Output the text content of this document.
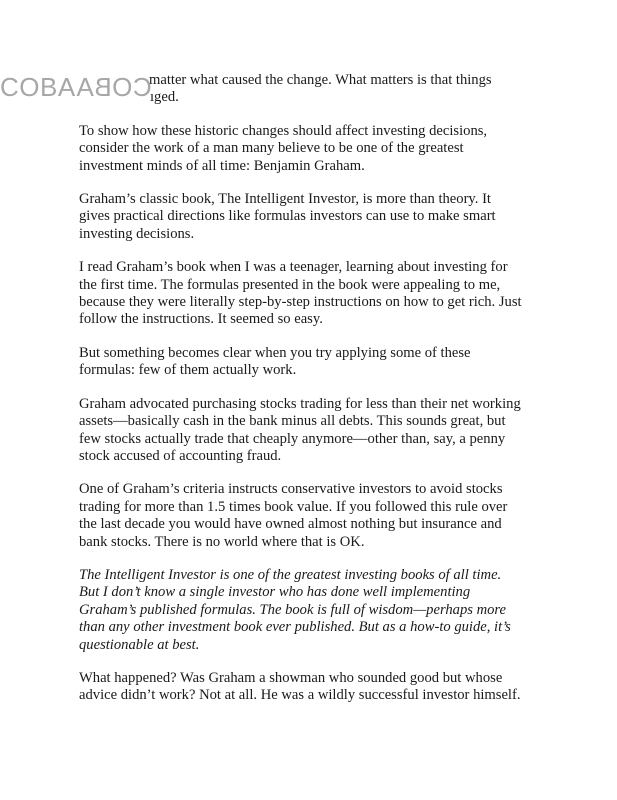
COBACOBA

matter what caused the change. What matters is that things
ıged.

To show how these historic changes should affect investing decisions,
consider the work of a man many believe to be one of the greatest
investment minds of all time: Benjamin Graham.

Graham’s classic book, The Intelligent Investor, is more than theory. It
gives practical directions like formulas investors can use to make smart
investing decisions.

I read Graham’s book when I was a teenager, learning about investing for
the first time. The formulas presented in the book were appealing to me,
because they were literally step-by-step instructions on how to get rich. Just
follow the instructions. It seemed so easy.

But something becomes clear when you try applying some of these
formulas: few of them actually work.

Graham advocated purchasing stocks trading for less than their net working
assets—basically cash in the bank minus all debts. This sounds great, but
few stocks actually trade that cheaply anymore—other than, say, a penny
stock accused of accounting fraud.

One of Graham’s criteria instructs conservative investors to avoid stocks
trading for more than 1.5 times book value. If you followed this rule over
the last decade you would have owned almost nothing but insurance and
bank stocks. There is no world where that is OK.

The Intelligent Investor is one of the greatest investing books of all time.
But I don’t know a single investor who has done well implementing
Graham’s published formulas. The book is full of wisdom—perhaps more
than any other investment book ever published. But as a how-to guide, it’s
questionable at best.

What happened? Was Graham a showman who sounded good but whose
advice didn’t work? Not at all. He was a wildly successful investor himself.
